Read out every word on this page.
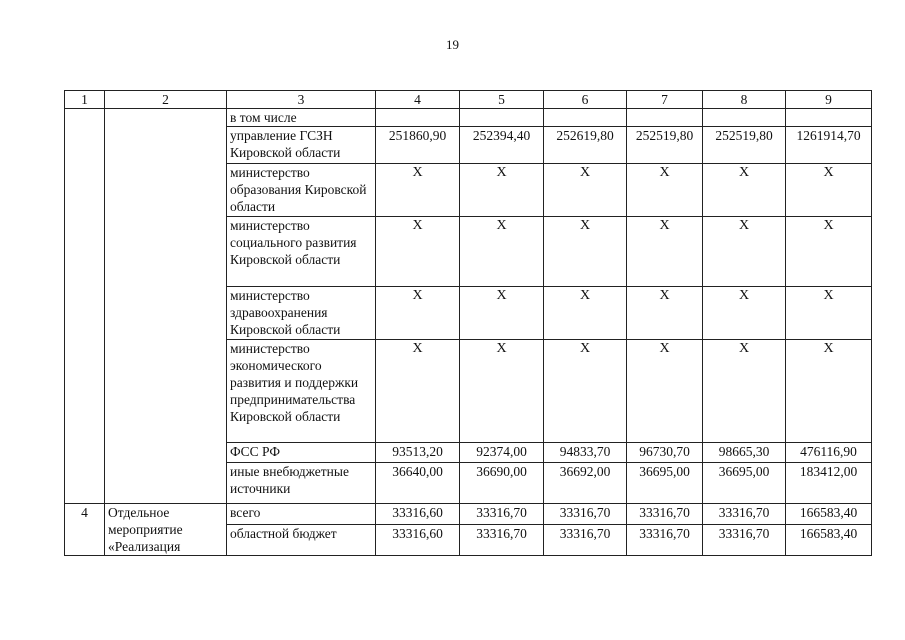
19
1	2	3	4	5	6	7	8	9
		в том числе						
		управление ГСЗН Кировской области	251860,90	252394,40	252619,80	252519,80	252519,80	1261914,70
		министерство образования Кировской области	X	X	X	X	X	X
		министерство социального развития Кировской области	X	X	X	X	X	X
		министерство здравоохранения Кировской области	X	X	X	X	X	X
		министерство экономического развития и поддержки предпринимательства Кировской области	X	X	X	X	X	X
		ФСС РФ	93513,20	92374,00	94833,70	96730,70	98665,30	476116,90
		иные внебюджетные источники	36640,00	36690,00	36692,00	36695,00	36695,00	183412,00
4	Отдельное мероприятие «Реализация	всего	33316,60	33316,70	33316,70	33316,70	33316,70	166583,40
		областной бюджет	33316,60	33316,70	33316,70	33316,70	33316,70	166583,40
